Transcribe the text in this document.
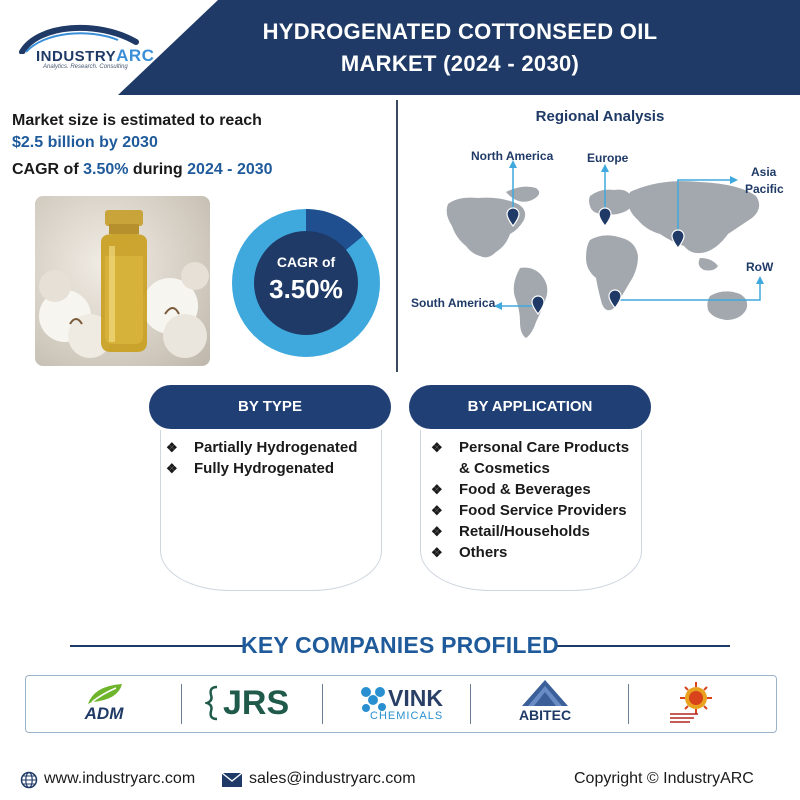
HYDROGENATED COTTONSEED OIL
MARKET (2024 - 2030)
INDUSTRYARC
Analytics. Research. Consulting
Market size is estimated to reach
$2.5 billion by 2030
CAGR of 3.50% during 2024 - 2030
CAGR of
3.50%
Regional Analysis
North America	Europe
Asia
Pacific
RoW
South America
BY TYPE
❖ Partially Hydrogenated
❖ Fully Hydrogenated
BY APPLICATION
❖ Personal Care Products
& Cosmetics
❖ Food & Beverages
❖ Food Service Providers
❖ Retail/Households
❖ Others
KEY COMPANIES PROFILED
ADM	JRS	VINK
CHEMICALS	ABITEC
www.industryarc.com	sales@industryarc.com	Copyright © IndustryARC
